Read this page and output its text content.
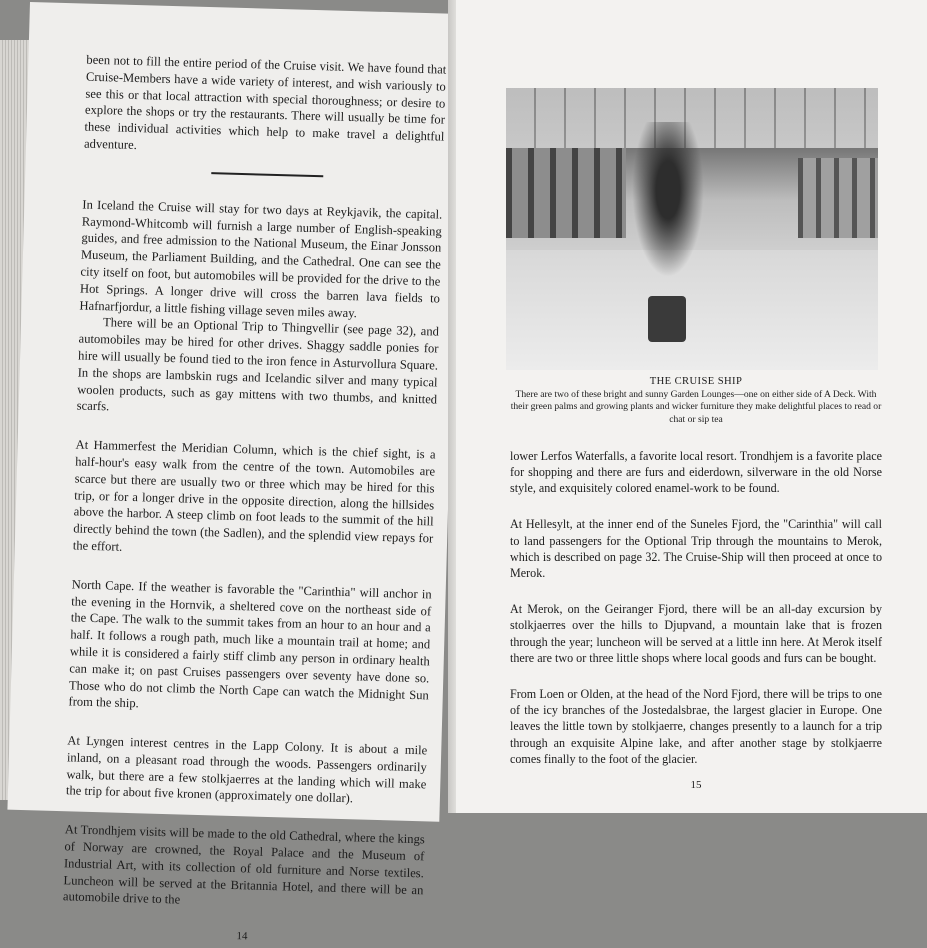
been not to fill the entire period of the Cruise visit. We have found that Cruise-Members have a wide variety of interest, and wish variously to see this or that local attraction with special thoroughness; or desire to explore the shops or try the restaurants. There will usually be time for these individual activities which help to make travel a delightful adventure.

In Iceland the Cruise will stay for two days at Reykjavik, the capital. Raymond-Whitcomb will furnish a large number of English-speaking guides, and free admission to the National Museum, the Einar Jonsson Museum, the Parliament Building, and the Cathedral. One can see the city itself on foot, but automobiles will be provided for the drive to the Hot Springs. A longer drive will cross the barren lava fields to Hafnarfjordur, a little fishing village seven miles away.

There will be an Optional Trip to Thingvellir (see page 32), and automobiles may be hired for other drives. Shaggy saddle ponies for hire will usually be found tied to the iron fence in Asturvollura Square. In the shops are lambskin rugs and Icelandic silver and many typical woolen products, such as gay mittens with two thumbs, and knitted scarfs.

At Hammerfest the Meridian Column, which is the chief sight, is a half-hour's easy walk from the centre of the town. Automobiles are scarce but there are usually two or three which may be hired for this trip, or for a longer drive in the opposite direction, along the hillsides above the harbor. A steep climb on foot leads to the summit of the hill directly behind the town (the Sadlen), and the splendid view repays for the effort.

North Cape. If the weather is favorable the "Carinthia" will anchor in the evening in the Hornvik, a sheltered cove on the northeast side of the Cape. The walk to the summit takes from an hour to an hour and a half. It follows a rough path, much like a mountain trail at home; and while it is considered a fairly stiff climb any person in ordinary health can make it; on past Cruises passengers over seventy have done so. Those who do not climb the North Cape can watch the Midnight Sun from the ship.

At Lyngen interest centres in the Lapp Colony. It is about a mile inland, on a pleasant road through the woods. Passengers ordinarily walk, but there are a few stolkjaerres at the landing which will make the trip for about five kronen (approximately one dollar).

At Trondhjem visits will be made to the old Cathedral, where the kings of Norway are crowned, the Royal Palace and the Museum of Industrial Art, with its collection of old furniture and Norse textiles. Luncheon will be served at the Britannia Hotel, and there will be an automobile drive to the

14
THE CRUISE SHIP
There are two of these bright and sunny Garden Lounges—one on either side of A Deck. With their green palms and growing plants and wicker furniture they make delightful places to read or chat or sip tea

lower Lerfos Waterfalls, a favorite local resort. Trondhjem is a favorite place for shopping and there are furs and eiderdown, silverware in the old Norse style, and exquisitely colored enamel-work to be found.

At Hellesylt, at the inner end of the Suneles Fjord, the "Carinthia" will call to land passengers for the Optional Trip through the mountains to Merok, which is described on page 32. The Cruise-Ship will then proceed at once to Merok.

At Merok, on the Geiranger Fjord, there will be an all-day excursion by stolkjaerres over the hills to Djupvand, a mountain lake that is frozen through the year; luncheon will be served at a little inn here. At Merok itself there are two or three little shops where local goods and furs can be bought.

From Loen or Olden, at the head of the Nord Fjord, there will be trips to one of the icy branches of the Jostedalsbrae, the largest glacier in Europe. One leaves the little town by stolkjaerre, changes presently to a launch for a trip through an exquisite Alpine lake, and after another stage by stolkjaerre comes finally to the foot of the glacier.

15
